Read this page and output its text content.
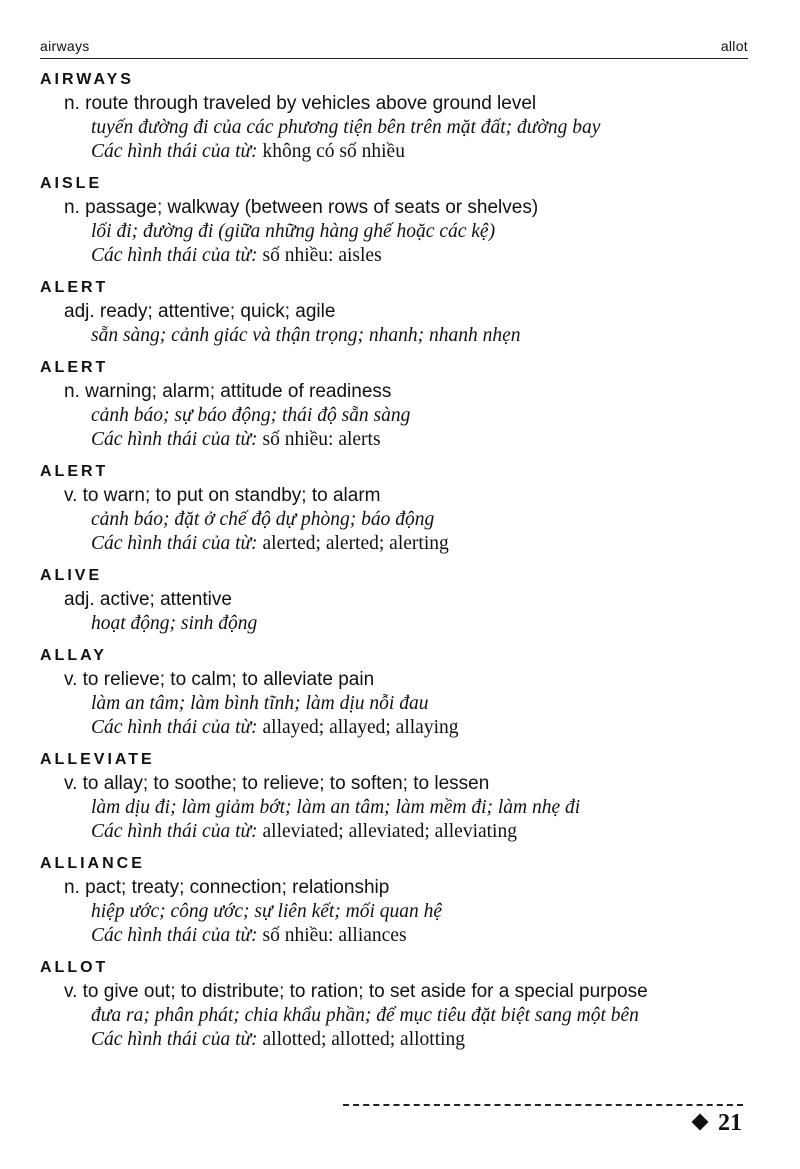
airways	allot
AIRWAYS
n. route through traveled by vehicles above ground level
tuyến đường đi của các phương tiện bên trên mặt đất; đường bay
Các hình thái của từ: không có số nhiều
AISLE
n. passage; walkway (between rows of seats or shelves)
lối đi; đường đi (giữa những hàng ghế hoặc các kệ)
Các hình thái của từ: số nhiều: aisles
ALERT
adj. ready; attentive; quick; agile
sẵn sàng; cảnh giác và thận trọng; nhanh; nhanh nhẹn
ALERT
n. warning; alarm; attitude of readiness
cảnh báo; sự báo động; thái độ sẵn sàng
Các hình thái của từ: số nhiều: alerts
ALERT
v. to warn; to put on standby; to alarm
cảnh báo; đặt ở chế độ dự phòng; báo động
Các hình thái của từ: alerted; alerted; alerting
ALIVE
adj. active; attentive
hoạt động; sinh động
ALLAY
v. to relieve; to calm; to alleviate pain
làm an tâm; làm bình tĩnh; làm dịu nỗi đau
Các hình thái của từ: allayed; allayed; allaying
ALLEVIATE
v. to allay; to soothe; to relieve; to soften; to lessen
làm dịu đi; làm giảm bớt; làm an tâm; làm mềm đi; làm nhẹ đi
Các hình thái của từ: alleviated; alleviated; alleviating
ALLIANCE
n. pact; treaty; connection; relationship
hiệp ước; công ước; sự liên kết; mối quan hệ
Các hình thái của từ: số nhiều: alliances
ALLOT
v. to give out; to distribute; to ration; to set aside for a special purpose
đưa ra; phân phát; chia khẩu phần; để mục tiêu đặt biệt sang một bên
Các hình thái của từ: allotted; allotted; allotting
21
